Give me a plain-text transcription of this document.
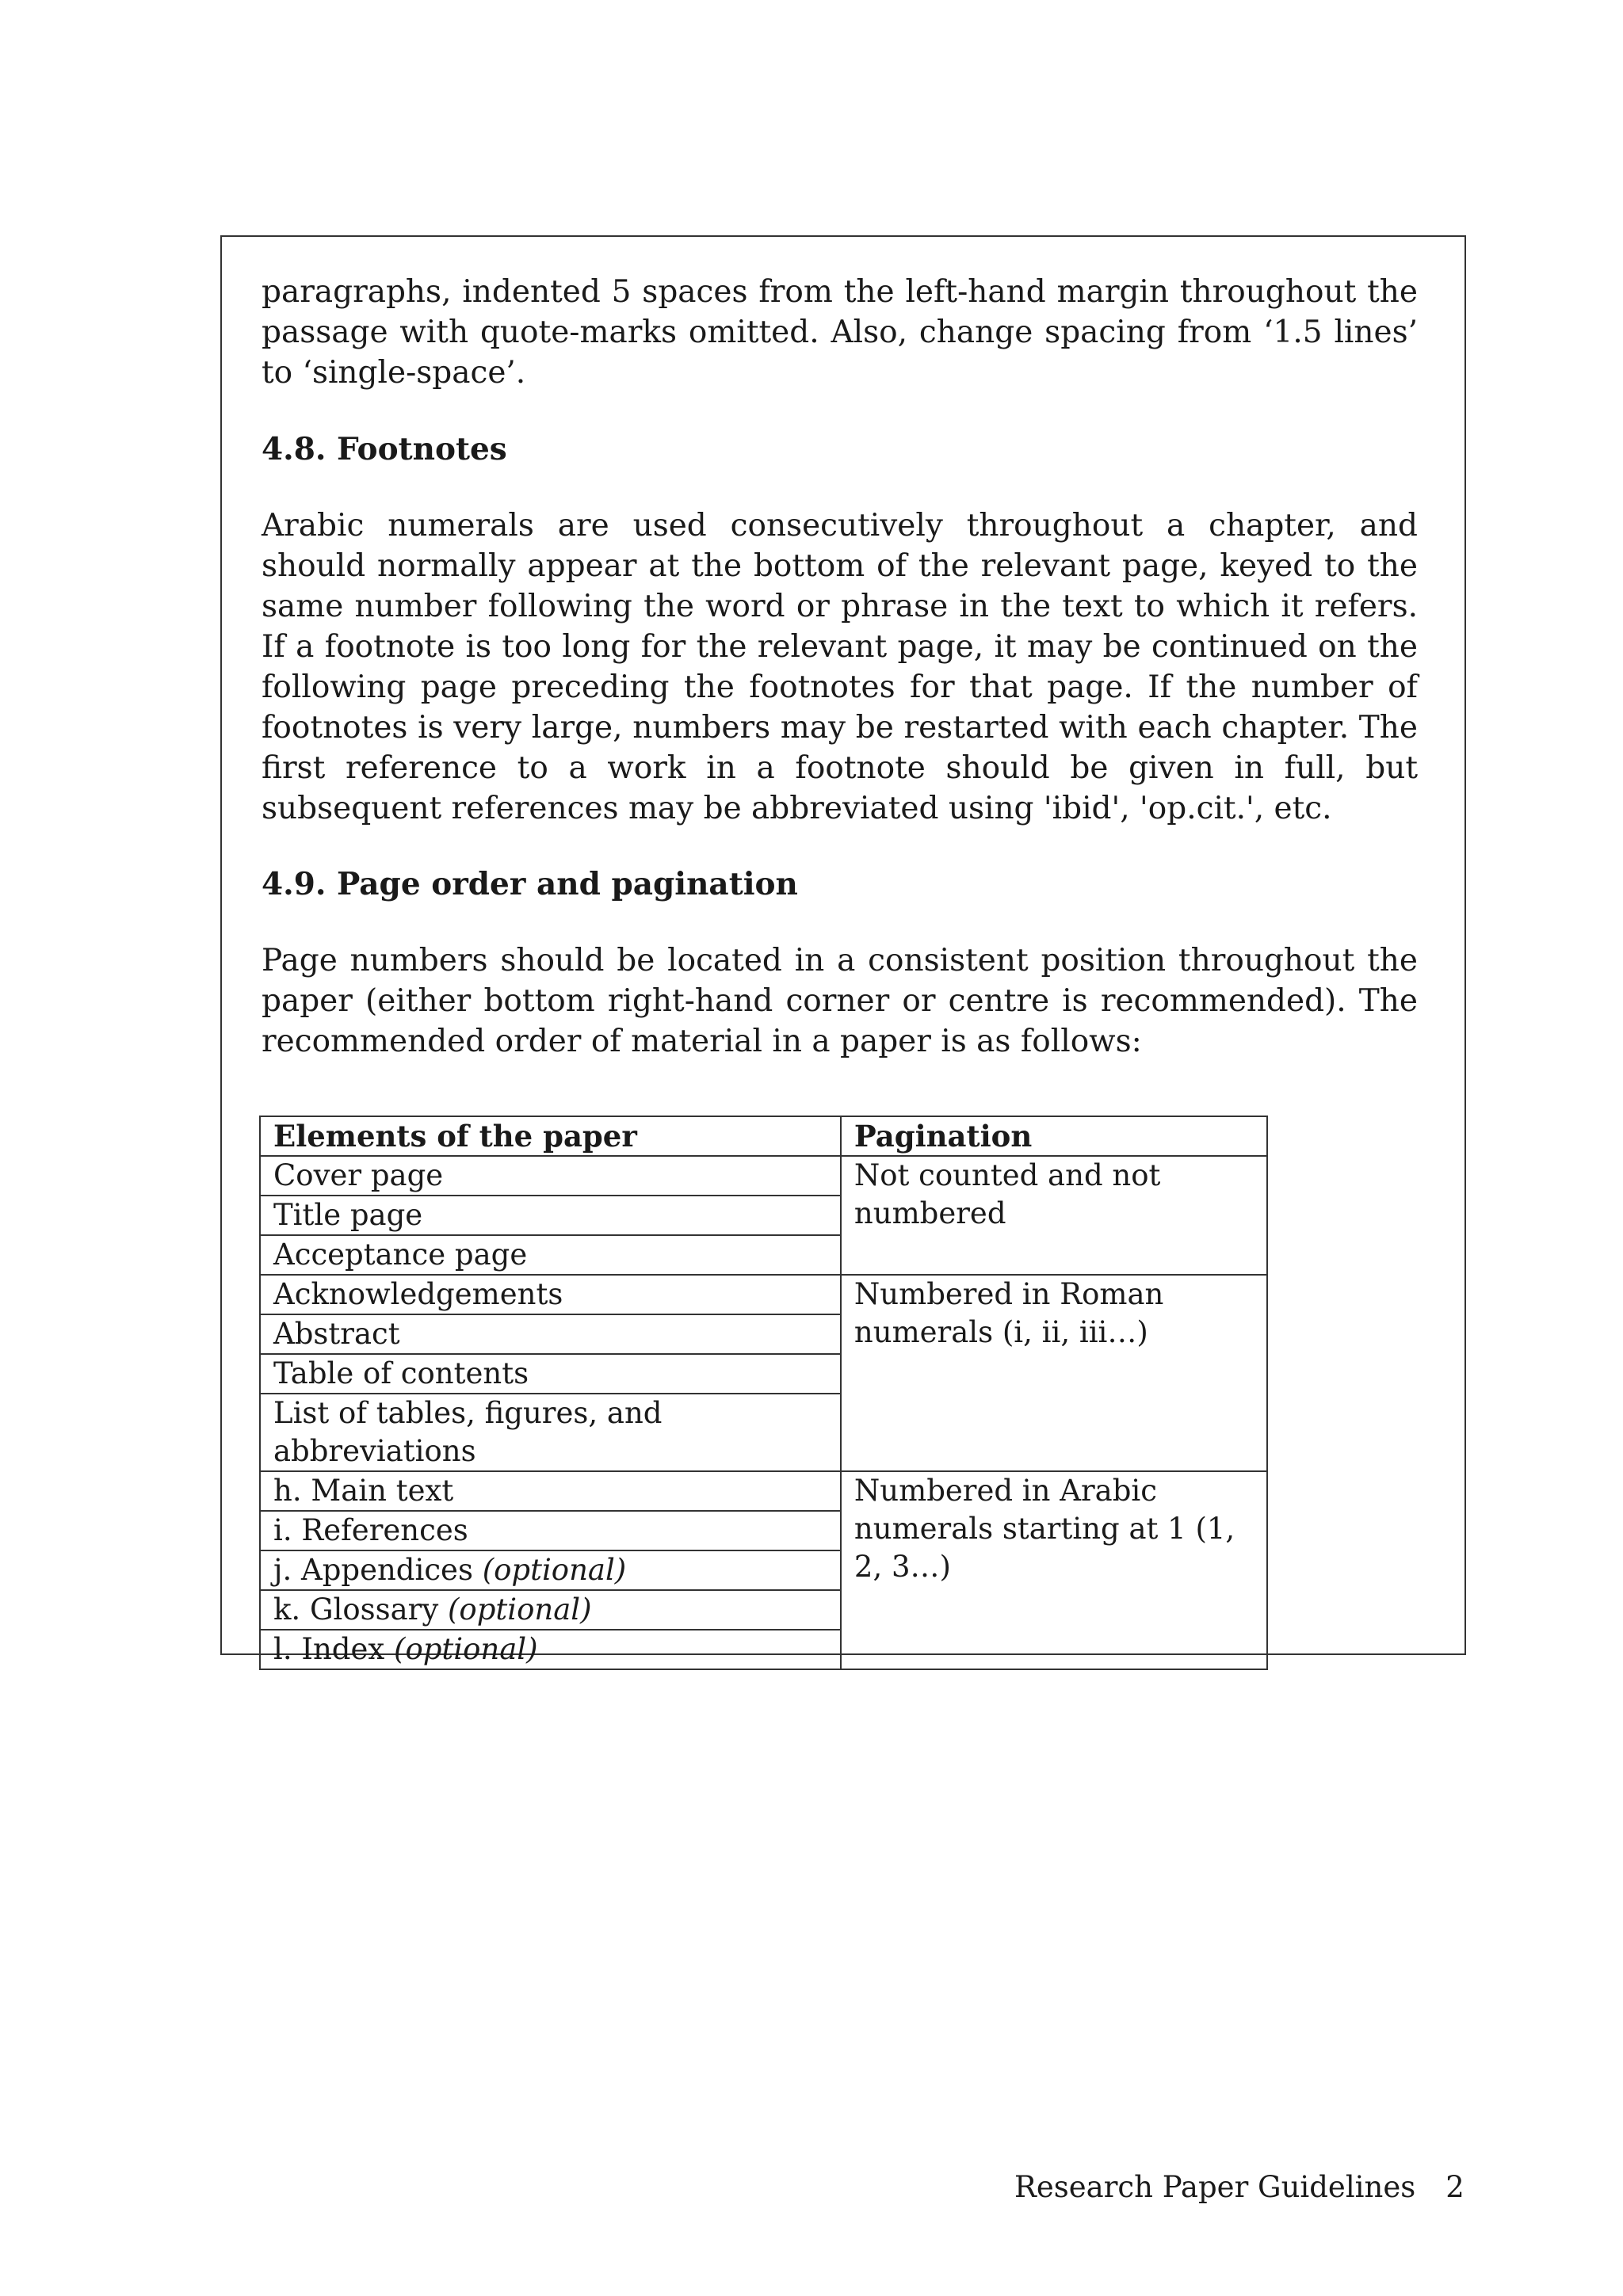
paragraphs, indented 5 spaces from the left-hand margin throughout the passage with quote-marks omitted. Also, change spacing from ‘1.5 lines’ to ‘single-space’.

4.8. Footnotes

Arabic numerals are used consecutively throughout a chapter, and should normally appear at the bottom of the relevant page, keyed to the same number following the word or phrase in the text to which it refers. If a footnote is too long for the relevant page, it may be continued on the following page preceding the footnotes for that page. If the number of footnotes is very large, numbers may be restarted with each chapter. The first reference to a work in a footnote should be given in full, but subsequent references may be abbreviated using 'ibid', 'op.cit.', etc.

4.9. Page order and pagination

Page numbers should be located in a consistent position throughout the paper (either bottom right-hand corner or centre is recommended). The recommended order of material in a paper is as follows:

Elements of the paper	Pagination
Cover page	Not counted and not numbered
Title page	
Acceptance page	
Acknowledgements	Numbered in Roman numerals (i, ii, iii…)
Abstract	
Table of contents	
List of tables, figures, and abbreviations	
h. Main text	Numbered in Arabic numerals starting at 1 (1, 2, 3…)
i. References	
j. Appendices (optional)	
k. Glossary (optional)	
l. Index (optional)	
Research Paper Guidelines 2
